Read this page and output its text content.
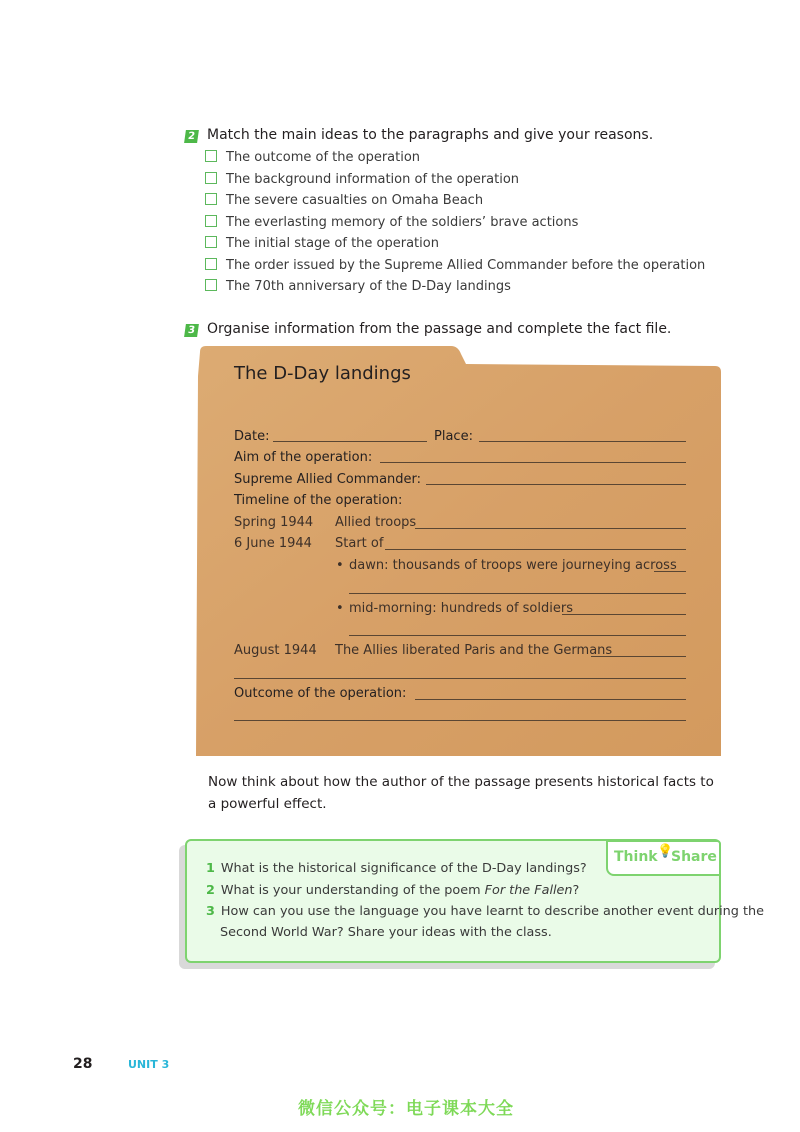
2 Match the main ideas to the paragraphs and give your reasons.
The outcome of the operation
The background information of the operation
The severe casualties on Omaha Beach
The everlasting memory of the soldiers’ brave actions
The initial stage of the operation
The order issued by the Supreme Allied Commander before the operation
The 70th anniversary of the D-Day landings
3 Organise information from the passage and complete the fact file.
The D-Day landings
Date:	Place:
Aim of the operation:
Supreme Allied Commander:
Timeline of the operation:
Spring 1944 Allied troops
6 June 1944 Start of
• dawn: thousands of troops were journeying across
• mid-morning: hundreds of soldiers
August 1944 The Allies liberated Paris and the Germans
Outcome of the operation:
Now think about how the author of the passage presents historical facts to a powerful effect.
Think 💡
Share
1 What is the historical significance of the D-Day landings?
2 What is your understanding of the poem For the Fallen?
3 How can you use the language you have learnt to describe another event during the
Second World War? Share your ideas with the class.
28	UNIT 3
微信公众号：电子课本大全
